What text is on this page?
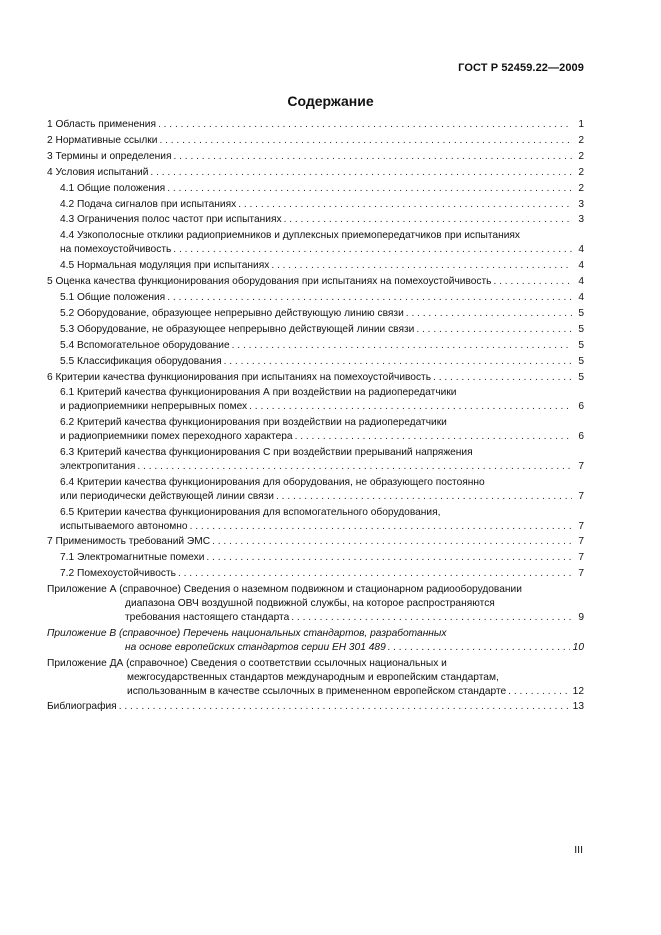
ГОСТ Р 52459.22—2009
Содержание
1 Область применения . . .	1
2 Нормативные ссылки . . .	2
3 Термины и определения . . .	2
4 Условия испытаний . . .	2
4.1 Общие положения . . .	2
4.2 Подача сигналов при испытаниях . . .	3
4.3 Ограничения полос частот при испытаниях . . .	3
4.4 Узкополосные отклики радиоприемников и дуплексных приемопередатчиков при испытаниях
на помехоустойчивость . . .	4
4.5 Нормальная модуляция при испытаниях . . .	4
5 Оценка качества функционирования оборудования при испытаниях на помехоустойчивость . . .	4
5.1 Общие положения . . .	4
5.2 Оборудование, образующее непрерывно действующую линию связи . . .	5
5.3 Оборудование, не образующее непрерывно действующей линии связи . . .	5
5.4 Вспомогательное оборудование . . .	5
5.5 Классификация оборудования . . .	5
6 Критерии качества функционирования при испытаниях на помехоустойчивость . . .	5
6.1 Критерий качества функционирования А при воздействии на радиопередатчики
и радиоприемники непрерывных помех . . .	6
6.2 Критерий качества функционирования при воздействии на радиопередатчики
и радиоприемники помех переходного характера . . .	6
6.3 Критерий качества функционирования С при воздействии прерываний напряжения
электропитания . . .	7
6.4 Критерии качества функционирования для оборудования, не образующего постоянно
или периодически действующей линии связи . . .	7
6.5 Критерии качества функционирования для вспомогательного оборудования,
испытываемого автономно . . .	7
7 Применимость требований ЭМС . . .	7
7.1 Электромагнитные помехи . . .	7
7.2 Помехоустойчивость . . .	7
Приложение А (справочное) Сведения о наземном подвижном и стационарном радиооборудовании
диапазона ОВЧ воздушной подвижной службы, на которое распространяются
требования настоящего стандарта . . .	9
Приложение В (справочное) Перечень национальных стандартов, разработанных
на основе европейских стандартов серии ЕН 301 489 . . .	10
Приложение ДА (справочное) Сведения о соответствии ссылочных национальных и
межгосударственных стандартов международным и европейским стандартам,
использованным в качестве ссылочных в примененном европейском стандарте . . .	12
Библиография . . .	13
III
